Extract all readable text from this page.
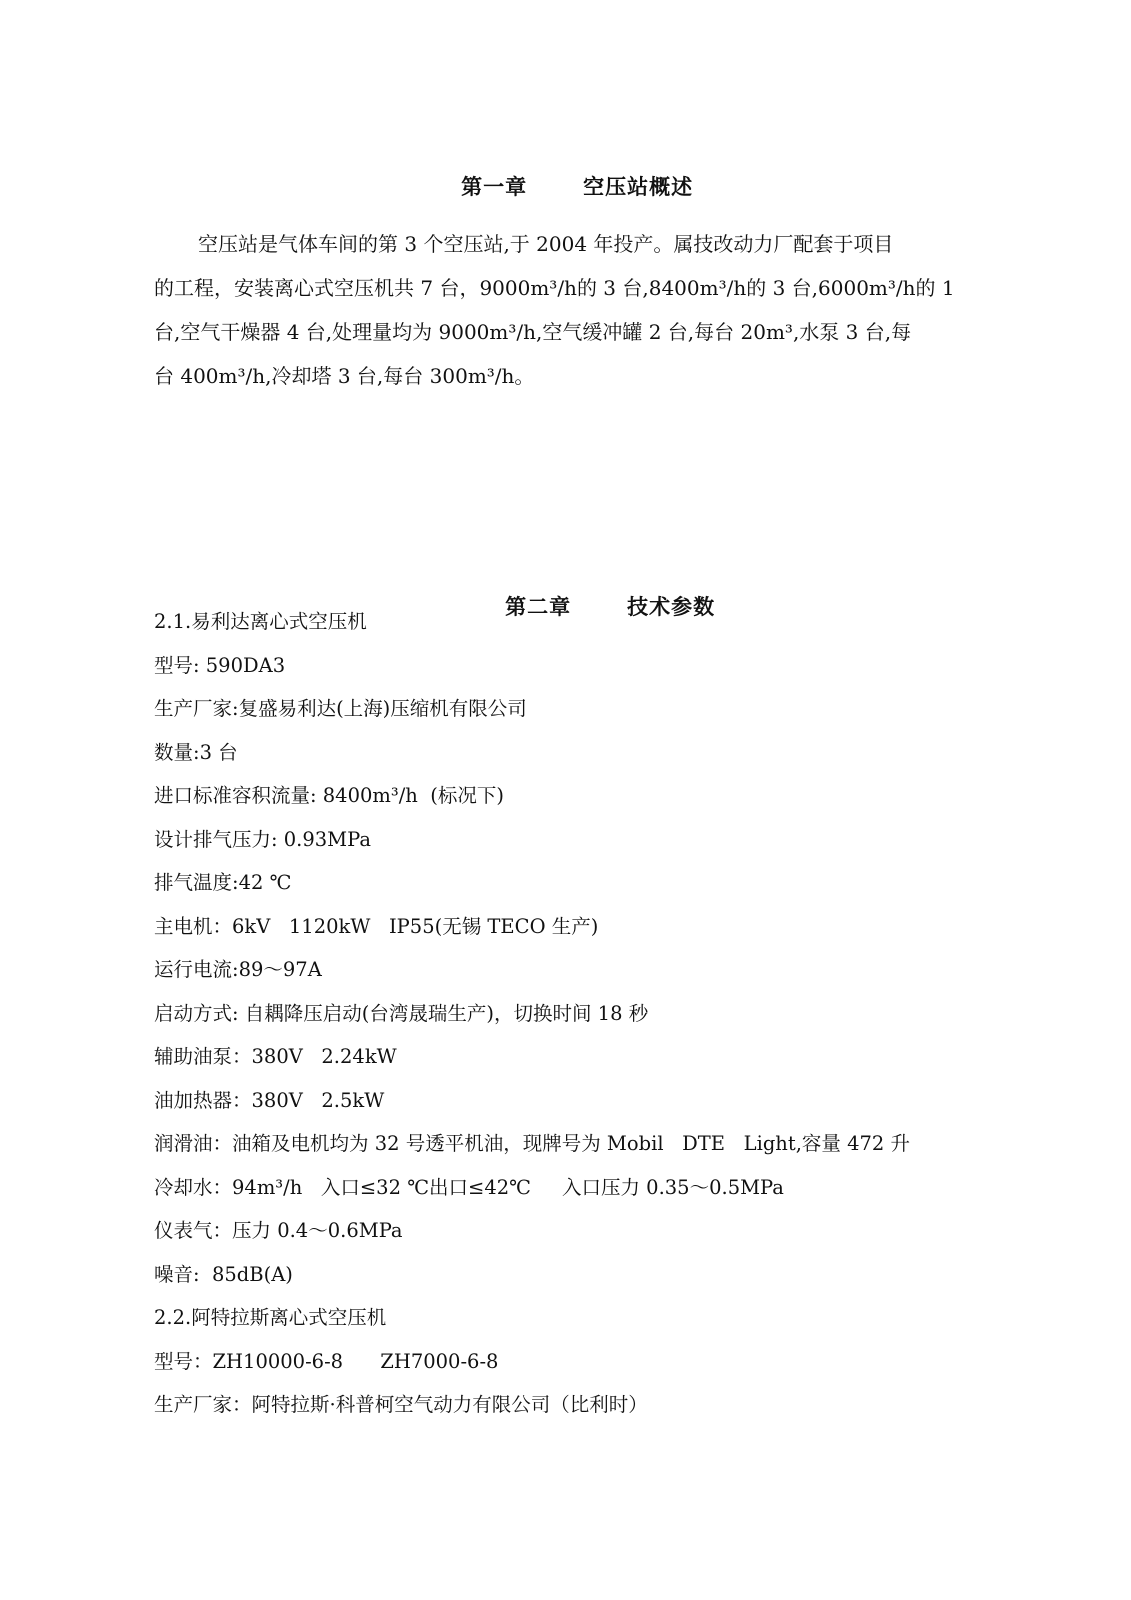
第一章	空压站概述

空压站是气体车间的第 3 个空压站,于 2004 年投产。属技改动力厂配套于项目
的工程，安装离心式空压机共 7 台，9000m³/h的 3 台,8400m³/h的 3 台,6000m³/h的 1
台,空气干燥器 4 台,处理量均为 9000m³/h,空气缓冲罐 2 台,每台 20m³,水泵 3 台,每
台 400m³/h,冷却塔 3 台,每台 300m³/h。

第二章	技术参数

2.1.易利达离心式空压机
型号: 590DA3
生产厂家:复盛易利达(上海)压缩机有限公司
数量:3 台
进口标准容积流量: 8400m³/h  (标况下)
设计排气压力: 0.93MPa
排气温度:42 ℃
主电机：6kV   1120kW   IP55(无锡 TECO 生产)
运行电流:89～97A
启动方式: 自耦降压启动(台湾晟瑞生产)，切换时间 18 秒
辅助油泵：380V   2.24kW
油加热器：380V   2.5kW
润滑油：油箱及电机均为 32 号透平机油，现牌号为 Mobil   DTE   Light,容量 472 升
冷却水：94m³/h   入口≤32 ℃出口≤42℃     入口压力 0.35～0.5MPa
仪表气：压力 0.4～0.6MPa
噪音:  85dB(A)
2.2.阿特拉斯离心式空压机
型号：ZH10000-6-8      ZH7000-6-8
生产厂家：阿特拉斯·科普柯空气动力有限公司（比利时）
